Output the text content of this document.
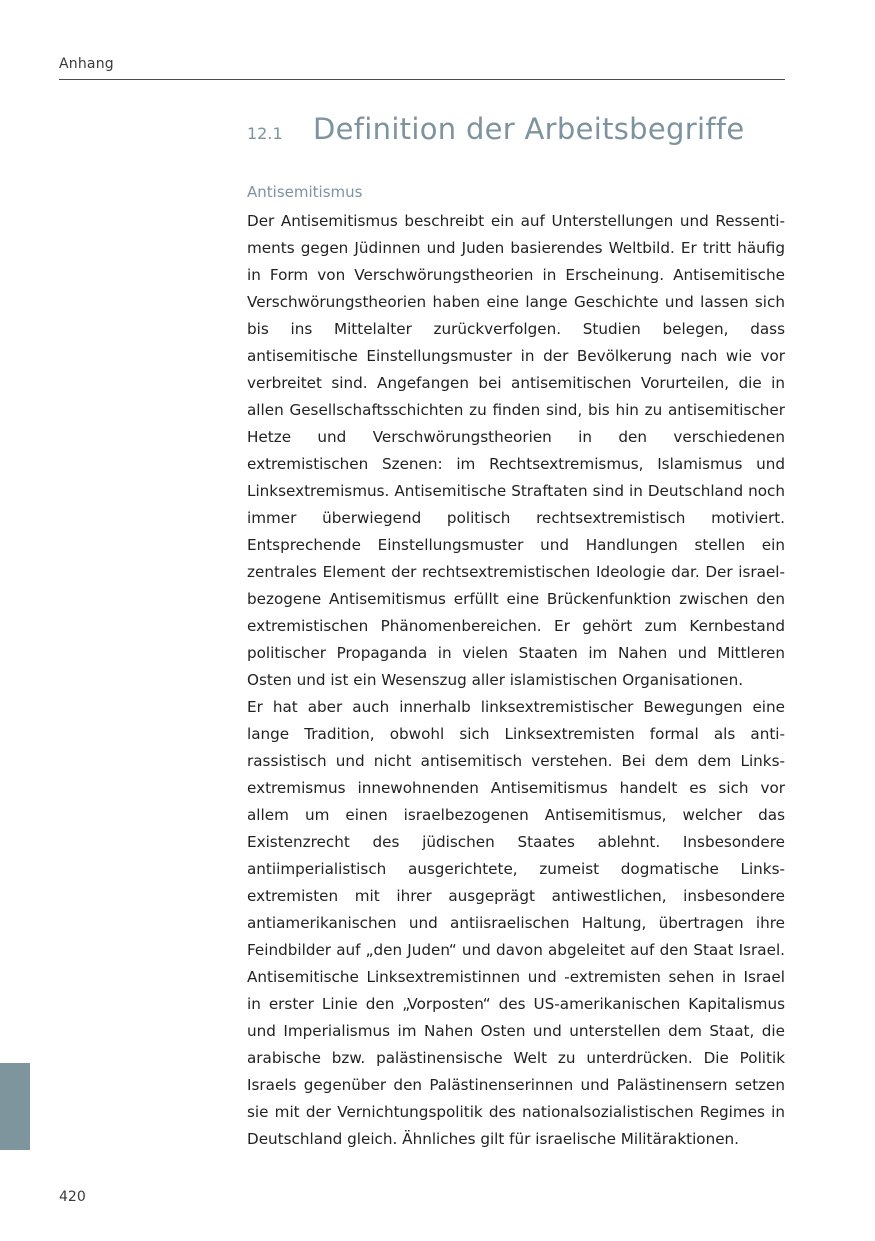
Anhang
12.1 Definition der Arbeitsbegriffe
Antisemitismus

Der Antisemitismus beschreibt ein auf Unterstellungen und Ressentiments gegen Jüdinnen und Juden basierendes Weltbild. Er tritt häufig in Form von Verschwörungstheorien in Erscheinung. Antisemitische Verschwörungstheorien haben eine lange Geschichte und lassen sich bis ins Mittelalter zurückverfolgen. Studien belegen, dass antisemitische Einstellungsmuster in der Bevölkerung nach wie vor verbreitet sind. Angefangen bei antisemitischen Vorurteilen, die in allen Gesellschaftsschichten zu finden sind, bis hin zu antisemitischer Hetze und Verschwörungstheorien in den verschiedenen extremistischen Szenen: im Rechtsextremismus, Islamismus und Linksextremismus. Antisemitische Straftaten sind in Deutschland noch immer überwiegend politisch rechtsextremistisch motiviert. Entsprechende Einstellungsmuster und Handlungen stellen ein zentrales Element der rechtsextremistischen Ideologie dar. Der israelbezogene Antisemitismus erfüllt eine Brückenfunktion zwischen den extremistischen Phänomenbereichen. Er gehört zum Kernbestand politischer Propaganda in vielen Staaten im Nahen und Mittleren Osten und ist ein Wesenszug aller islamistischen Organisationen.

Er hat aber auch innerhalb linksextremistischer Bewegungen eine lange Tradition, obwohl sich Linksextremisten formal als antirassistisch und nicht antisemitisch verstehen. Bei dem dem Linksextremismus innewohnenden Antisemitismus handelt es sich vor allem um einen israelbezogenen Antisemitismus, welcher das Existenzrecht des jüdischen Staates ablehnt. Insbesondere antiimperialistisch ausgerichtete, zumeist dogmatische Linksextremisten mit ihrer ausgeprägt antiwestlichen, insbesondere antiamerikanischen und antiisraelischen Haltung, übertragen ihre Feindbilder auf „den Juden“ und davon abgeleitet auf den Staat Israel. Antisemitische Linksextremistinnen und -extremisten sehen in Israel in erster Linie den „Vorposten“ des US-amerikanischen Kapitalismus und Imperialismus im Nahen Osten und unterstellen dem Staat, die arabische bzw. palästinensische Welt zu unterdrücken. Die Politik Israels gegenüber den Palästinenserinnen und Palästinensern setzen sie mit der Vernichtungspolitik des nationalsozialistischen Regimes in Deutschland gleich. Ähnliches gilt für israelische Militäraktionen.

420
